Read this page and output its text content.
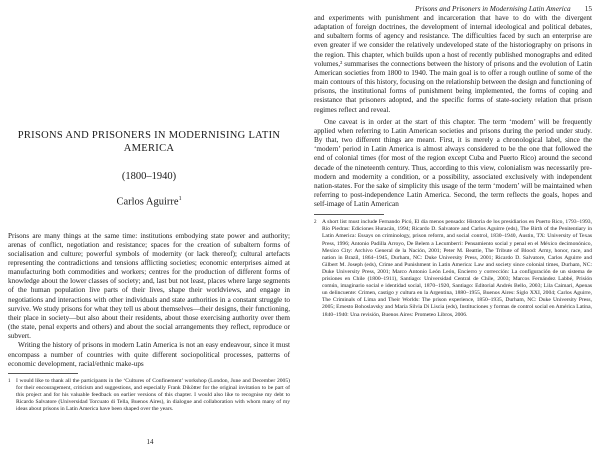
PRISONS AND PRISONERS IN MODERNISING LATIN AMERICA
(1800–1940)
Carlos Aguirre$^1$

Prisons are many things at the same time: institutions embodying state power and authority; arenas of conflict, negotiation and resistance; spaces for the creation of subaltern forms of socialisation and culture; powerful symbols of modernity (or lack thereof); cultural artefacts representing the contradictions and tensions afflicting societies; economic enterprises aimed at manufacturing both commodities and workers; centres for the production of different forms of knowledge about the lower classes of society; and, last but not least, places where large segments of the human population live parts of their lives, shape their worldviews, and engage in negotiations and interactions with other individuals and state authorities in a constant struggle to survive. We study prisons for what they tell us about themselves—their designs, their functioning, their place in society—but also about their residents, about those exercising authority over them (the state, penal experts and others) and about the social arrangements they reflect, reproduce or subvert.

Writing the history of prisons in modern Latin America is not an easy endeavour, since it must encompass a number of countries with quite different sociopolitical processes, patterns of economic development, racial/ethnic make-ups

1 I would like to thank all the participants in the ‘Cultures of Confinement’ workshop (London, June and December 2005) for their encouragement, criticism and suggestions, and especially Frank Dikötter for the original invitation to be part of this project and for his valuable feedback on earlier versions of this chapter. I would also like to recognise my debt to Ricardo Salvatore (Universidad Torcuato di Tella, Buenos Aires), in dialogue and collaboration with whom many of my ideas about prisons in Latin America have been shaped over the years.

14
Prisons and Prisoners in Modernising Latin America 15

and experiments with punishment and incarceration that have to do with the divergent adaptation of foreign doctrines, the development of internal ideological and political debates, and subaltern forms of agency and resistance. The difficulties faced by such an enterprise are even greater if we consider the relatively undeveloped state of the historiography on prisons in the region. This chapter, which builds upon a host of recently published monographs and edited volumes,² summarises the connections between the history of prisons and the evolution of Latin American societies from 1800 to 1940. The main goal is to offer a rough outline of some of the main contours of this history, focusing on the relationship between the design and functioning of prisons, the institutional forms of punishment being implemented, the forms of coping and resistance that prisoners adopted, and the specific forms of state-society relation that prison regimes reflect and reveal.

One caveat is in order at the start of this chapter. The term ‘modern’ will be frequently applied when referring to Latin American societies and prisons during the period under study. By that, two different things are meant. First, it is merely a chronological label, since the ‘modern’ period in Latin America is almost always considered to be the one that followed the end of colonial times (for most of the region except Cuba and Puerto Rico) around the second decade of the nineteenth century. Thus, according to this view, colonialism was necessarily pre-modern and modernity a condition, or a possibility, associated exclusively with independent nation-states. For the sake of simplicity this usage of the term ‘modern’ will be maintained when referring to post-independence Latin America. Second, the term reflects the goals, hopes and self-image of Latin American

2 A short list must include Fernando Picó, El día menos pensado: Historia de los presidiarios en Puerto Rico, 1793–1993, Río Piedras: Ediciones Huracán, 1994; Ricardo D. Salvatore and Carlos Aguirre (eds), The Birth of the Penitentiary in Latin America: Essays on criminology, prison reform, and social control, 1830–1940, Austin, TX: University of Texas Press, 1996; Antonio Padilla Arroyo, De Belem a Lecumberri: Pensamiento social y penal en el México decimonónico, Mexico City: Archivo General de la Nación, 2001; Peter M. Beattie, The Tribute of Blood: Army, honor, race, and nation in Brazil, 1864–1945, Durham, NC: Duke University Press, 2001; Ricardo D. Salvatore, Carlos Aguirre and Gilbert M. Joseph (eds), Crime and Punishment in Latin America: Law and society since colonial times, Durham, NC: Duke University Press, 2001; Marco Antonio León León, Encierro y corrección: La configuración de un sistema de prisiones en Chile (1800–1911), Santiago: Universidad Central de Chile, 2003; Marcos Fernández Labbé, Prisión común, imaginario social e identidad social, 1870–1920, Santiago: Editorial Andrés Bello, 2003; Lila Caimari, Apenas un delincuente: Crimen, castigo y cultura en la Argentina, 1880–1955, Buenos Aires: Siglo XXI, 2004; Carlos Aguirre, The Criminals of Lima and Their Worlds: The prison experience, 1850–1935, Durham, NC: Duke University Press, 2005; Ernesto Bohoslavsky and María Silvia Di Liscia (eds), Instituciones y formas de control social en América Latina, 1840–1940: Una revisión, Buenos Aires: Prometeo Libros, 2006.
